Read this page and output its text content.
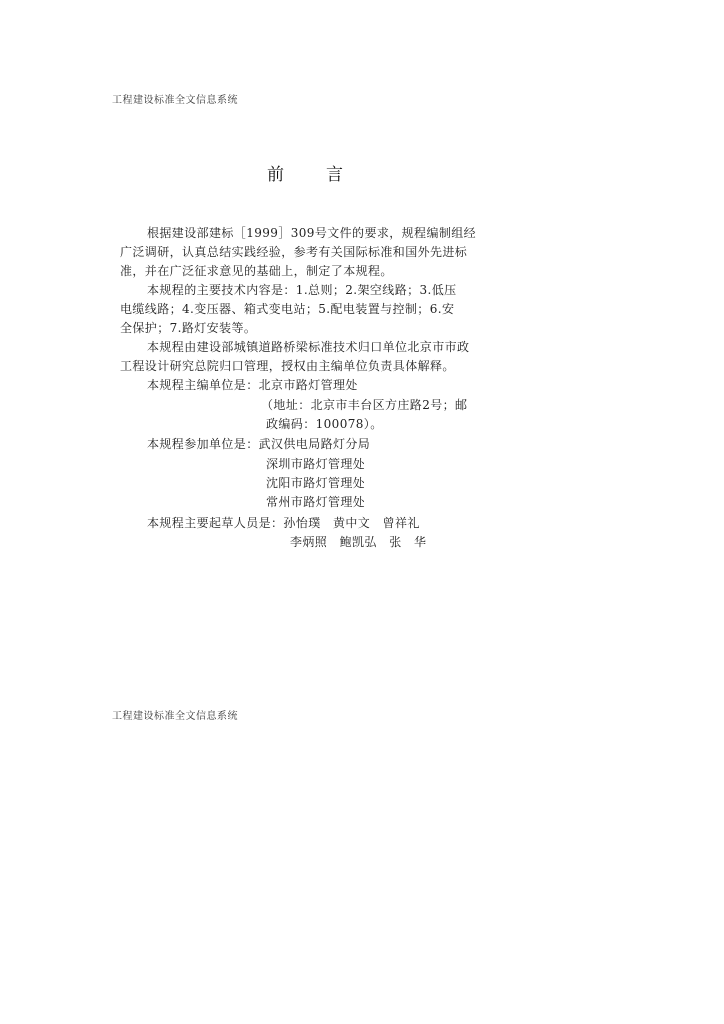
工程建设标准全文信息系统
前言
根据建设部建标［1999］309号文件的要求，规程编制组经
广泛调研，认真总结实践经验，参考有关国际标准和国外先进标
准，并在广泛征求意见的基础上，制定了本规程。
本规程的主要技术内容是：1.总则；2.架空线路；3.低压
电缆线路；4.变压器、箱式变电站；5.配电装置与控制；6.安
全保护；7.路灯安装等。
本规程由建设部城镇道路桥梁标准技术归口单位北京市市政
工程设计研究总院归口管理，授权由主编单位负责具体解释。
本规程主编单位是：北京市路灯管理处
（地址：北京市丰台区方庄路2号；邮
政编码：100078）。
本规程参加单位是：武汉供电局路灯分局
深圳市路灯管理处
沈阳市路灯管理处
常州市路灯管理处
本规程主要起草人员是：孙怡璞　黄中文　曾祥礼
李炳照　鲍凯弘　张　华
工程建设标准全文信息系统
